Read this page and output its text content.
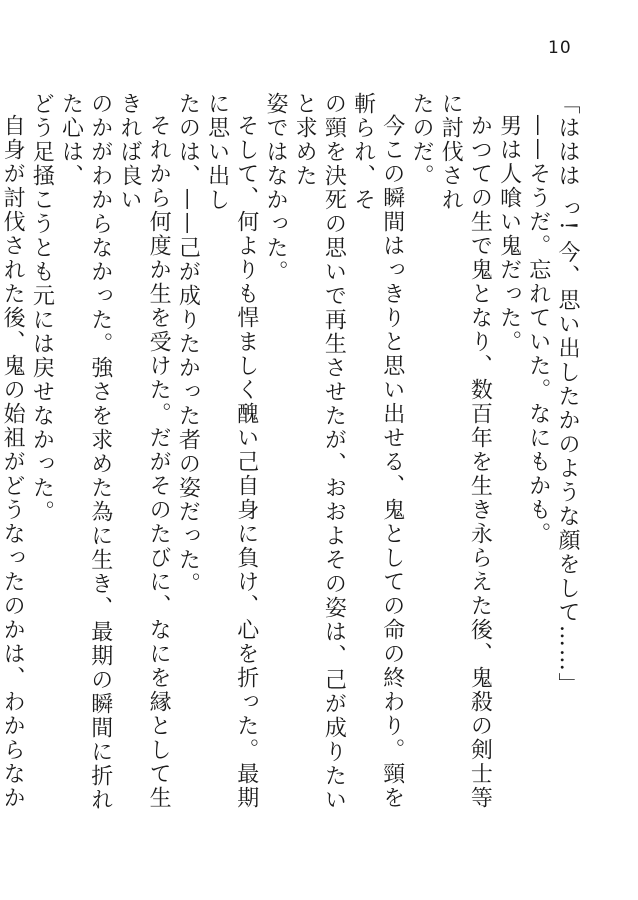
10
「ははは っ! 今、思い出したかのような顔をして……」
——そうだ。忘れていた。なにもかも。
男は人喰い鬼だった。
かつての生で鬼となり、数百年を生き永らえた後、鬼殺の剣士等に討伐され
たのだ。
今この瞬間はっきりと思い出せる、鬼としての命の終わり。頸を斬られ、そ
の頸を決死の思いで再生させたが、おおよその姿は、己が成りたいと求めた
姿ではなかった。
そして、何よりも悍ましく醜い己自身に負け、心を折った。最期に思い出し
たのは、——己が成りたかった者の姿だった。
それから何度か生を受けた。だがそのたびに、なにを縁として生きれば良い
のかがわからなかった。強さを求めた為に生き、最期の瞬間に折れた心は、
どう足掻こうとも元には戻せなかった。
自身が討伐された後、鬼の始祖がどうなったのかは、わからなか
